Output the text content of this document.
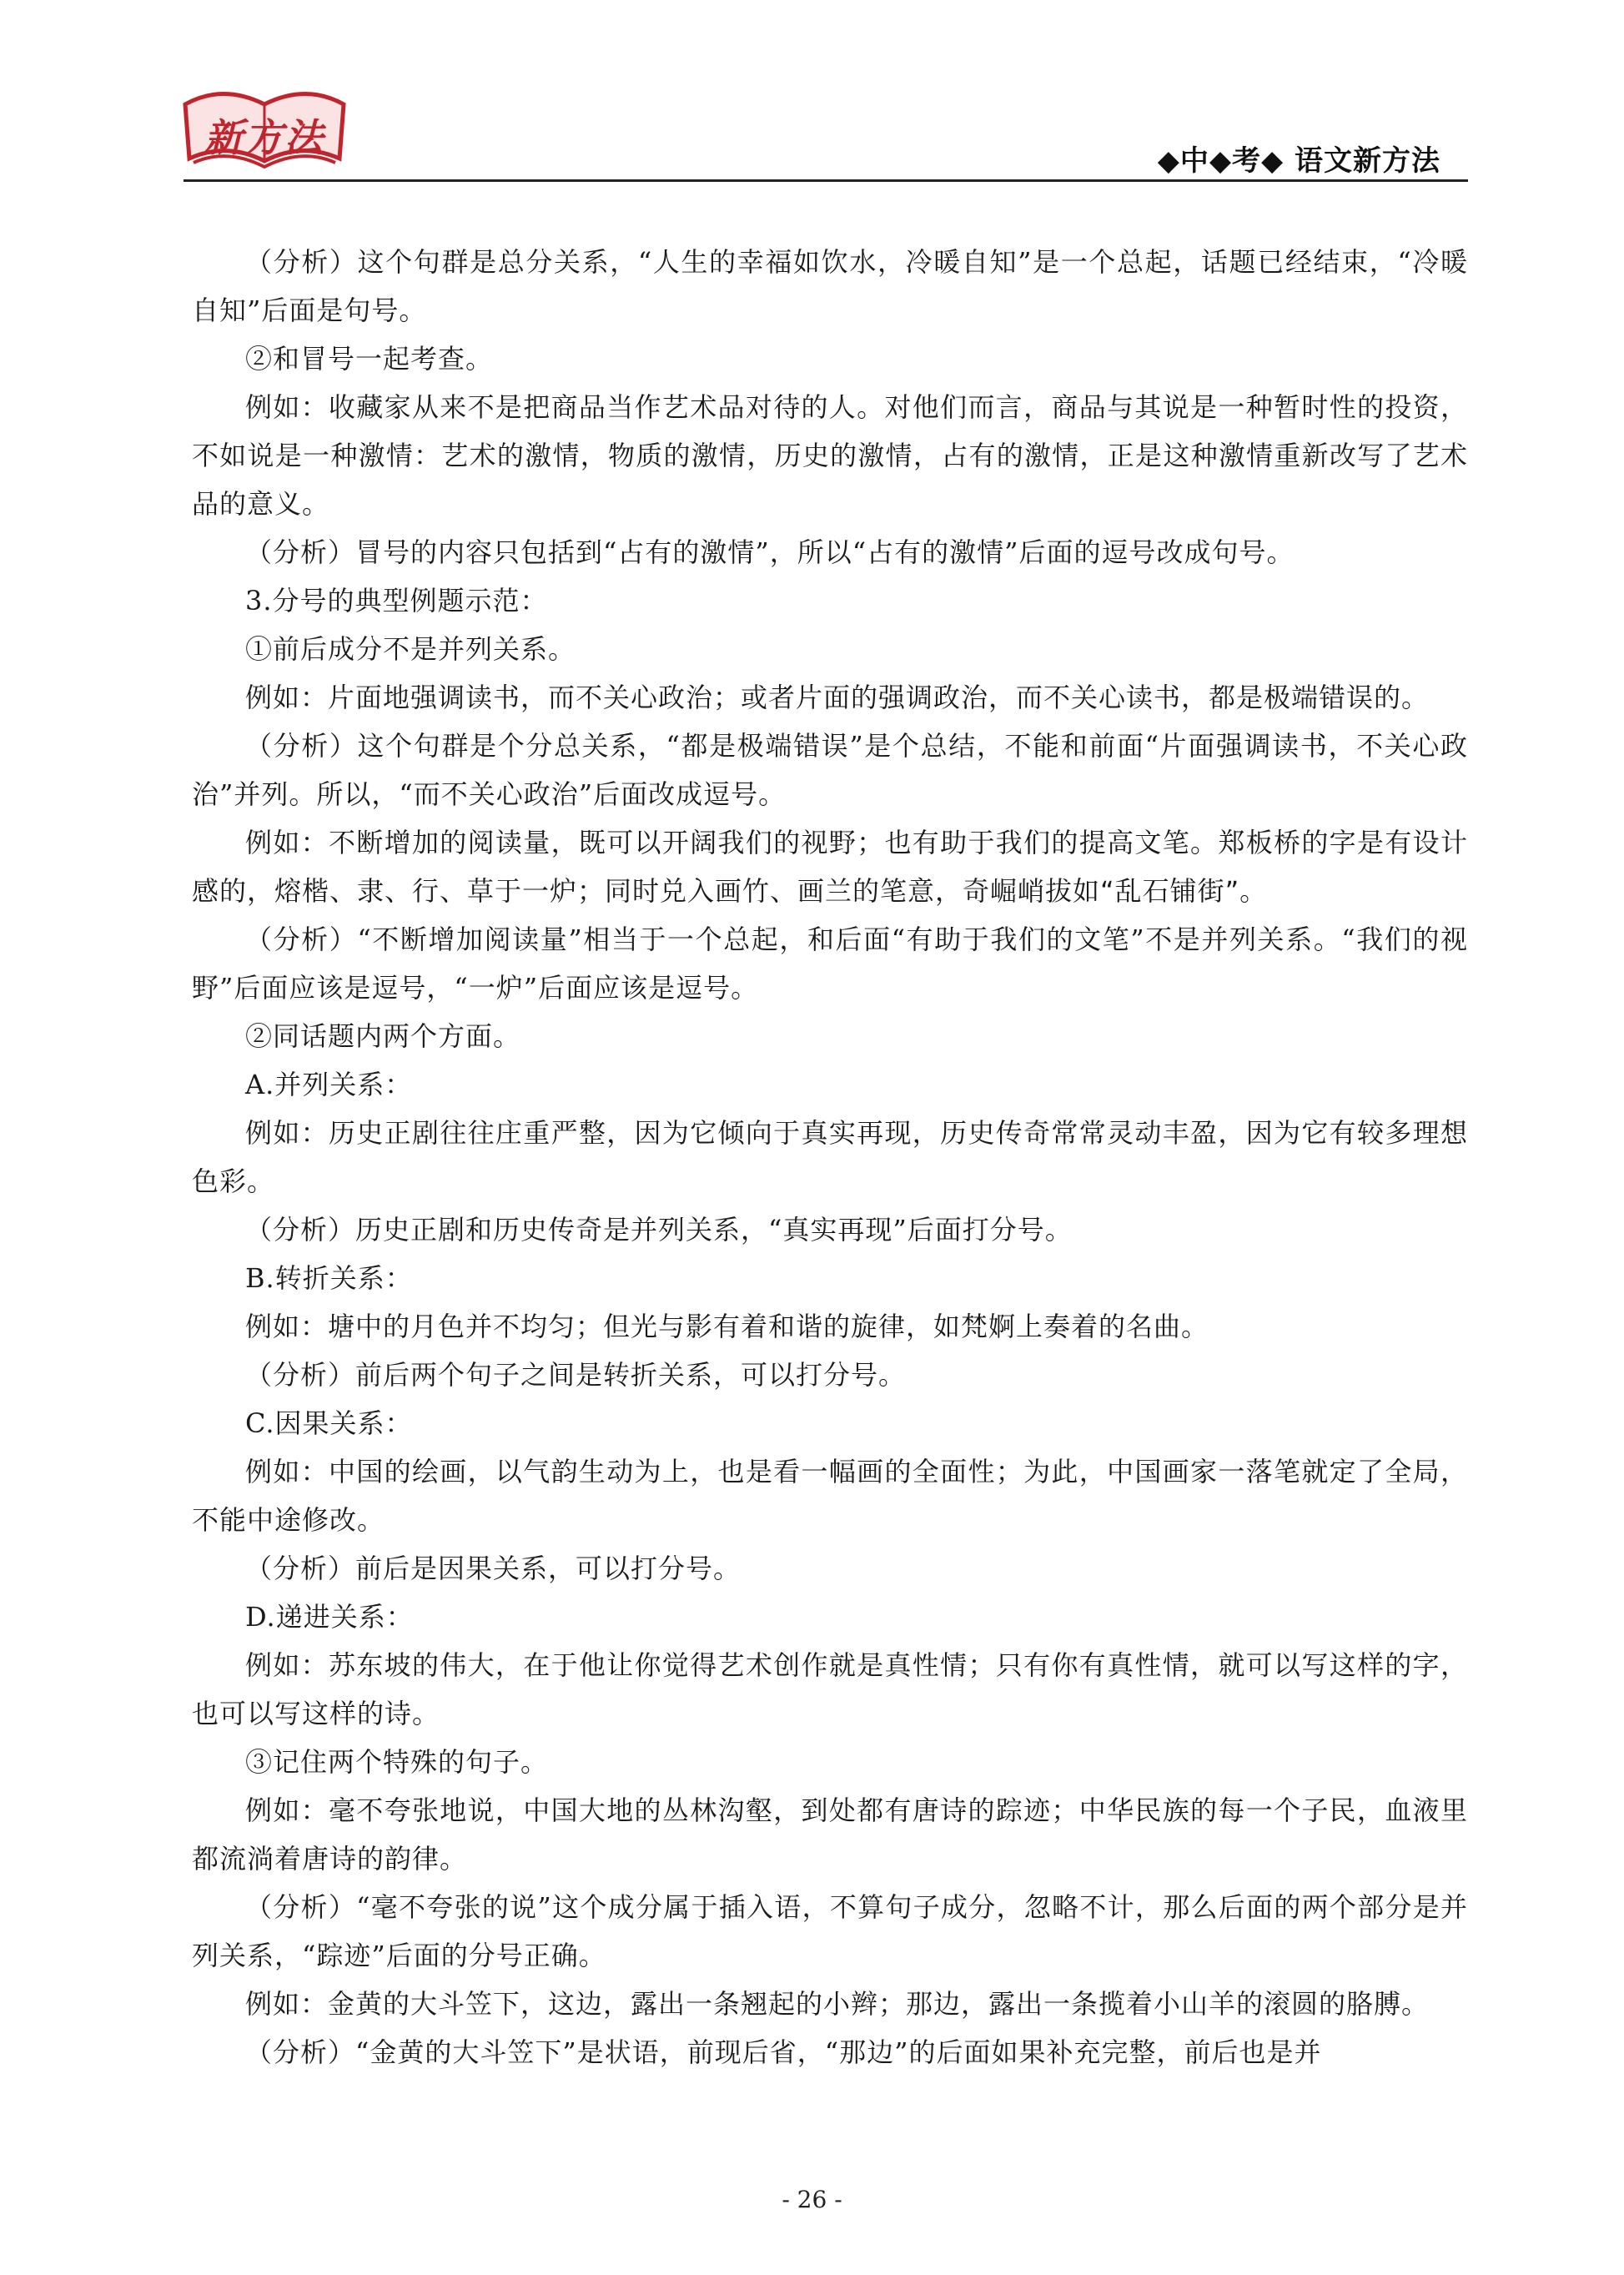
新方法
◆中◆考◆ 语文新方法

（分析）这个句群是总分关系，“人生的幸福如饮水，冷暖自知”是一个总起，话题已经结束，“冷暖自知”后面是句号。

②和冒号一起考查。

例如：收藏家从来不是把商品当作艺术品对待的人。对他们而言，商品与其说是一种暂时性的投资，不如说是一种激情：艺术的激情，物质的激情，历史的激情，占有的激情，正是这种激情重新改写了艺术品的意义。

（分析）冒号的内容只包括到“占有的激情”，所以“占有的激情”后面的逗号改成句号。

3.分号的典型例题示范：

①前后成分不是并列关系。

例如：片面地强调读书，而不关心政治；或者片面的强调政治，而不关心读书，都是极端错误的。

（分析）这个句群是个分总关系，“都是极端错误”是个总结，不能和前面“片面强调读书，不关心政治”并列。所以，“而不关心政治”后面改成逗号。

例如：不断增加的阅读量，既可以开阔我们的视野；也有助于我们的提高文笔。郑板桥的字是有设计感的，熔楷、隶、行、草于一炉；同时兑入画竹、画兰的笔意，奇崛峭拔如“乱石铺街”。

（分析）“不断增加阅读量”相当于一个总起，和后面“有助于我们的文笔”不是并列关系。“我们的视野”后面应该是逗号，“一炉”后面应该是逗号。

②同话题内两个方面。

A.并列关系：

例如：历史正剧往往庄重严整，因为它倾向于真实再现，历史传奇常常灵动丰盈，因为它有较多理想色彩。

（分析）历史正剧和历史传奇是并列关系，“真实再现”后面打分号。

B.转折关系：

例如：塘中的月色并不均匀；但光与影有着和谐的旋律，如梵婀上奏着的名曲。

（分析）前后两个句子之间是转折关系，可以打分号。

C.因果关系：

例如：中国的绘画，以气韵生动为上，也是看一幅画的全面性；为此，中国画家一落笔就定了全局，不能中途修改。

（分析）前后是因果关系，可以打分号。

D.递进关系：

例如：苏东坡的伟大，在于他让你觉得艺术创作就是真性情；只有你有真性情，就可以写这样的字，也可以写这样的诗。

③记住两个特殊的句子。

例如：毫不夸张地说，中国大地的丛林沟壑，到处都有唐诗的踪迹；中华民族的每一个子民，血液里都流淌着唐诗的韵律。

（分析）“毫不夸张的说”这个成分属于插入语，不算句子成分，忽略不计，那么后面的两个部分是并列关系，“踪迹”后面的分号正确。

例如：金黄的大斗笠下，这边，露出一条翘起的小辫；那边，露出一条揽着小山羊的滚圆的胳膊。

（分析）“金黄的大斗笠下”是状语，前现后省，“那边”的后面如果补充完整，前后也是并

- 26 -
